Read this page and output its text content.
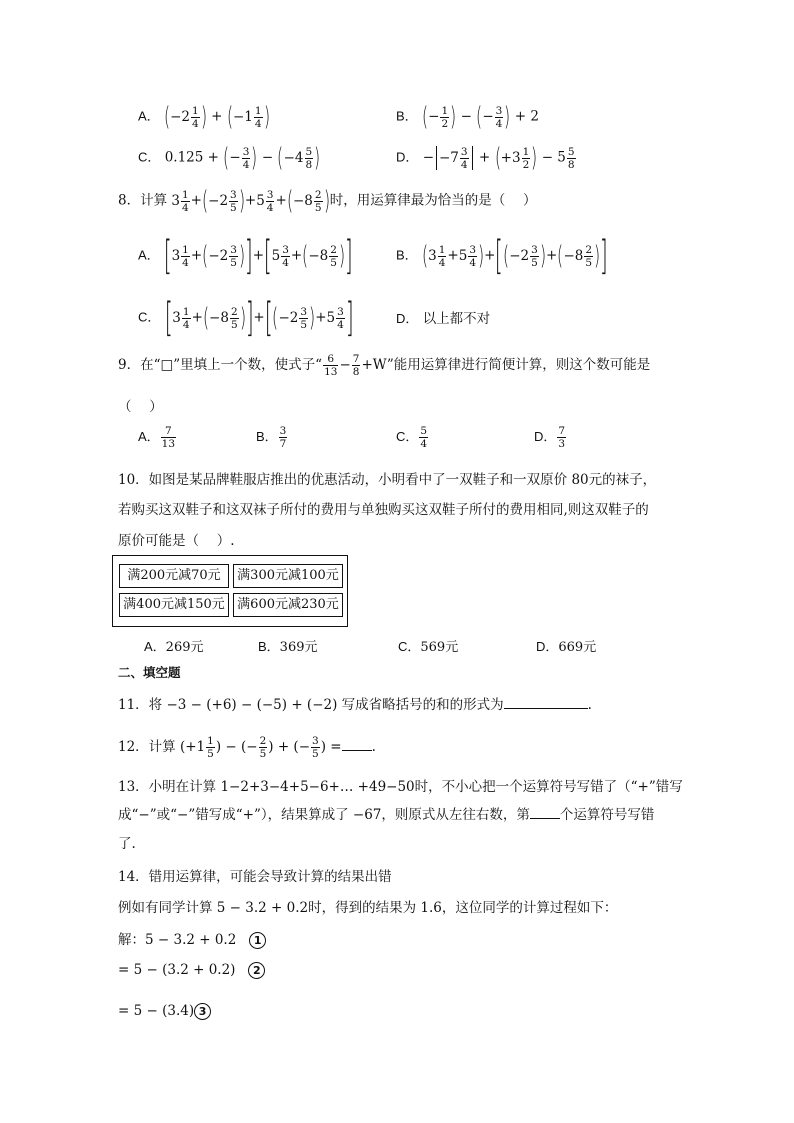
A． ( $-2 \frac{1}{4}$ ) + ( $-1 \frac{1}{4}$ )	B． (− $\frac{1}{2}$ ) − (− $\frac{3}{4}$ ) + 2
C． 0.125 + (− $\frac{3}{4}$ ) − ( $-4 \frac{5}{8}$ )	D． − $-7 \frac{3}{4}$ + ( $+3 \frac{1}{2}$ ) − $5 \frac{5}{8}$
8．计算 $3 \frac{1}{4}$ +( $-2 \frac{3}{5}$ )+ $5 \frac{3}{4}$ +( $-8 \frac{2}{5}$ )时，用运算律最为恰当的是（　 ）
A． [ $3 \frac{1}{4}$ +( $-2 \frac{3}{5}$ )]+[ $5 \frac{3}{4}$ +( $-8 \frac{2}{5}$ )]	B． ( $3 \frac{1}{4} + 5 \frac{3}{4}$ )+[( $-2 \frac{3}{5}$ )+( $-8 \frac{2}{5}$ )]
C． [ $3 \frac{1}{4}$ +( $-8 \frac{2}{5}$ )]+[( $-2 \frac{3}{5}$ )+ $5 \frac{3}{4}$ ]	D． 以上都不对
9．在“□”里填上一个数，使式子“ $\frac{6}{13} - \frac{7}{8} +W$”能用运算律进行简便计算，则这个数可能是
（　 ）
A． $\frac{7}{13}$	B． $\frac{3}{7}$	C． $\frac{5}{4}$	D． $\frac{7}{3}$
10．如图是某品牌鞋服店推出的优惠活动，小明看中了一双鞋子和一双原价 80元的袜子，
若购买这双鞋子和这双袜子所付的费用与单独购买这双鞋子所付的费用相同,则这双鞋子的
原价可能是（　 ）.
满200元减70元	满300元减100元
满400元减150元 满600元减230元
A．269元	B．369元	C．569元	D．669元
二、填空题
11．将 −3 − (+6) − (−5) + (−2) 写成省略括号的和的形式为	.
12．计算 ($+1 \frac{1}{5}$ ) − (− $\frac{2}{5}$ ) + (− $\frac{3}{5}$ ) = .
13．小明在计算 1−2+3−4+5−6+… +49−50时，不小心把一个运算符号写错了（“+”错写
成“−”或“−”错写成“+”），结果算成了 −67，则原式从左往右数，第 个运算符号写错
了.
14．错用运算律，可能会导致计算的结果出错
例如有同学计算 5 − 3.2 + 0.2时，得到的结果为 1.6，这位同学的计算过程如下：
解：5 − 3.2 + 0.2 1
= 5 − (3.2 + 0.2) 2
= 5 − (3.4) 3
